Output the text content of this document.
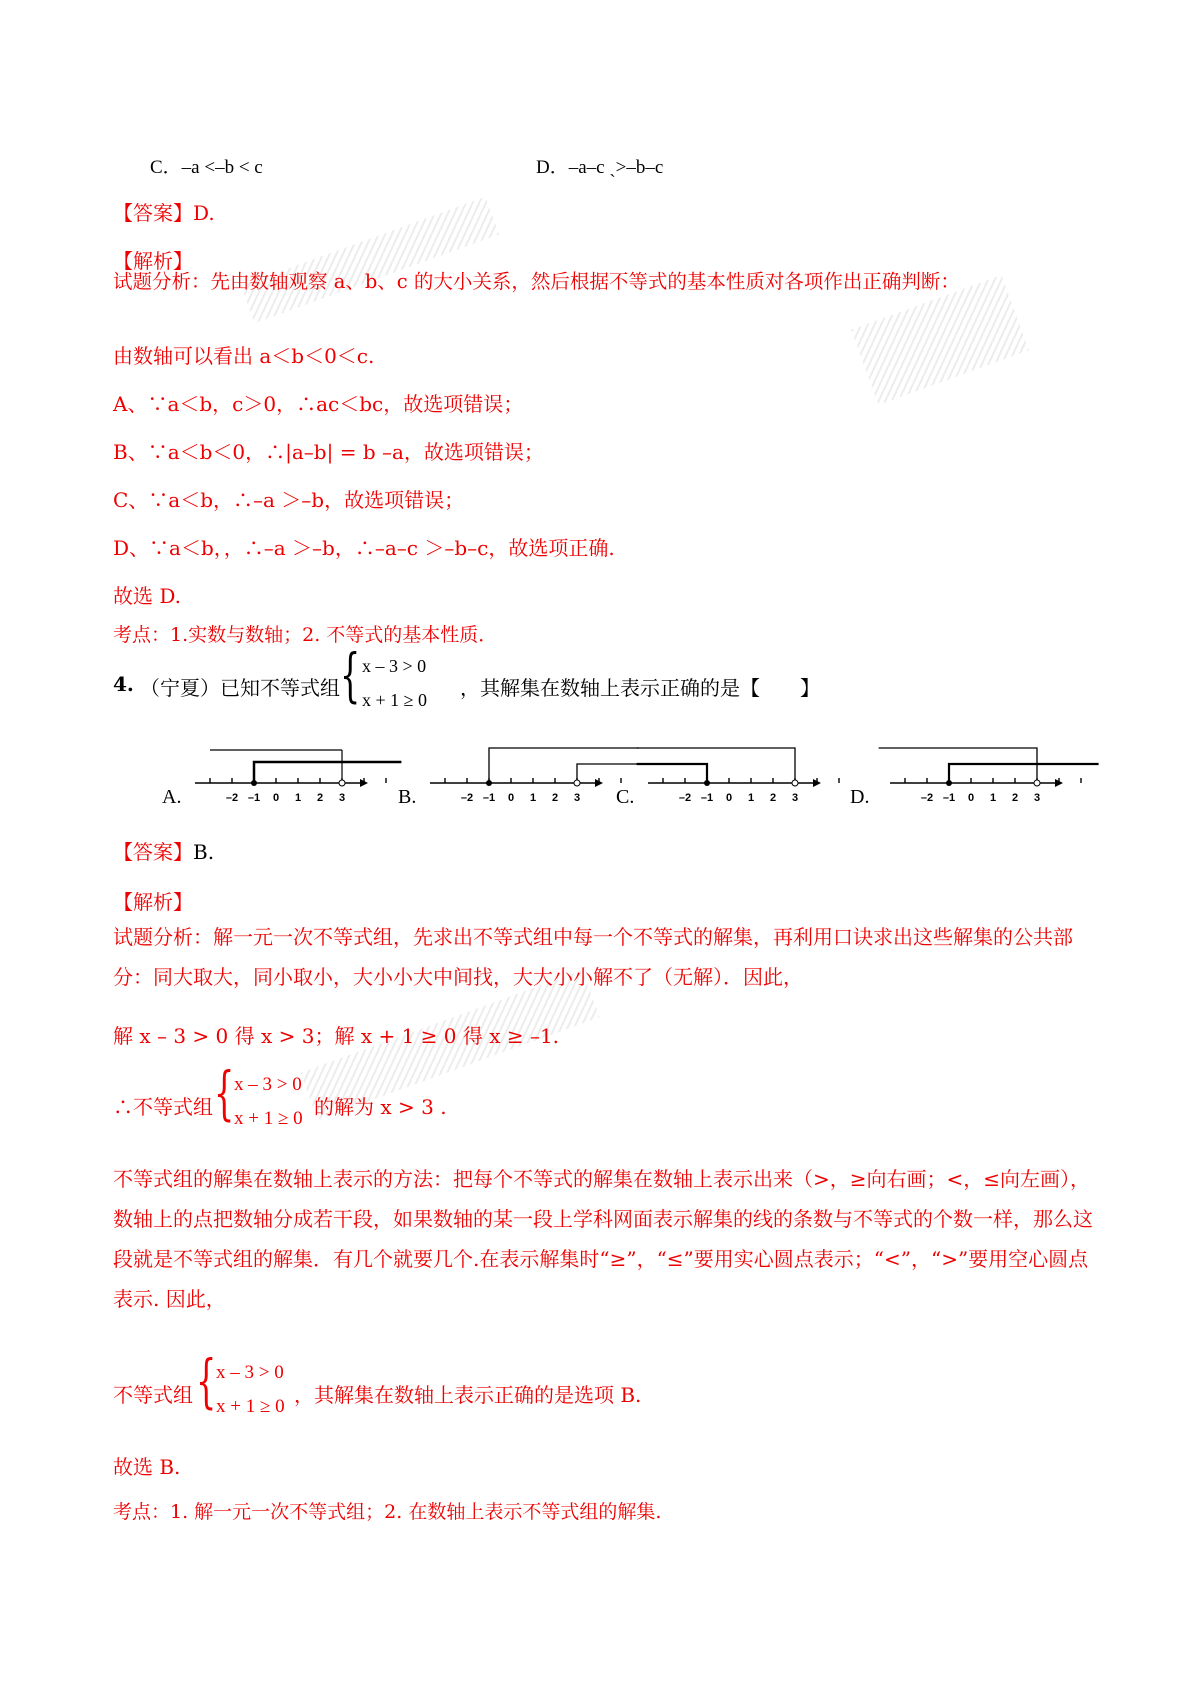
C．–a <–b < c	D．–a–c ˏ>–b–c
【答案】D.
【解析】
试题分析：先由数轴观察 a、b、c 的大小关系，然后根据不等式的基本性质对各项作出正确判断：
由数轴可以看出 a＜b＜0＜c.
A、∵a＜b，c＞0，∴ac＜bc，故选项错误；
B、∵a＜b＜0，∴|a–b| = b –a，故选项错误；
C、∵a＜b，∴–a ＞–b，故选项错误；
D、∵a＜b，，∴–a ＞–b，∴–a–c ＞–b–c，故选项正确.
故选 D.
考点：1.实数与数轴；2. 不等式的基本性质．
4. （宁夏）已知不等式组 { x – 3 > 0
x + 1 ≥ 0 ，其解集在数轴上表示正确的是【　　】
A.	B.	C.	D.
–2 –1 0 1 2 3	–2 –1 0 1 2 3	–2 –1 0 1 2 3	–2 –1 0 1 2 3
【答案】B.
【解析】
试题分析：解一元一次不等式组，先求出不等式组中每一个不等式的解集，再利用口诀求出这些解集的公共部分：同大取大，同小取小，大小小大中间找，大大小小解不了（无解）．因此，
解 x – 3 > 0 得 x > 3；解 x + 1 ≥ 0 得 x ≥ –1.
∴不等式组 { x – 3 > 0
x + 1 ≥ 0 的解为 x > 3 .
不等式组的解集在数轴上表示的方法：把每个不等式的解集在数轴上表示出来（>，≥向右画；<，≤向左画），数轴上的点把数轴分成若干段，如果数轴的某一段上学科网面表示解集的线的条数与不等式的个数一样，那么这段就是不等式组的解集．有几个就要几个.在表示解集时“≥”，“≤”要用实心圆点表示；“<”，“>”要用空心圆点表示. 因此，
不等式组 { x – 3 > 0
x + 1 ≥ 0 ，其解集在数轴上表示正确的是选项 B.
故选 B.
考点：1. 解一元一次不等式组；2. 在数轴上表示不等式组的解集.
